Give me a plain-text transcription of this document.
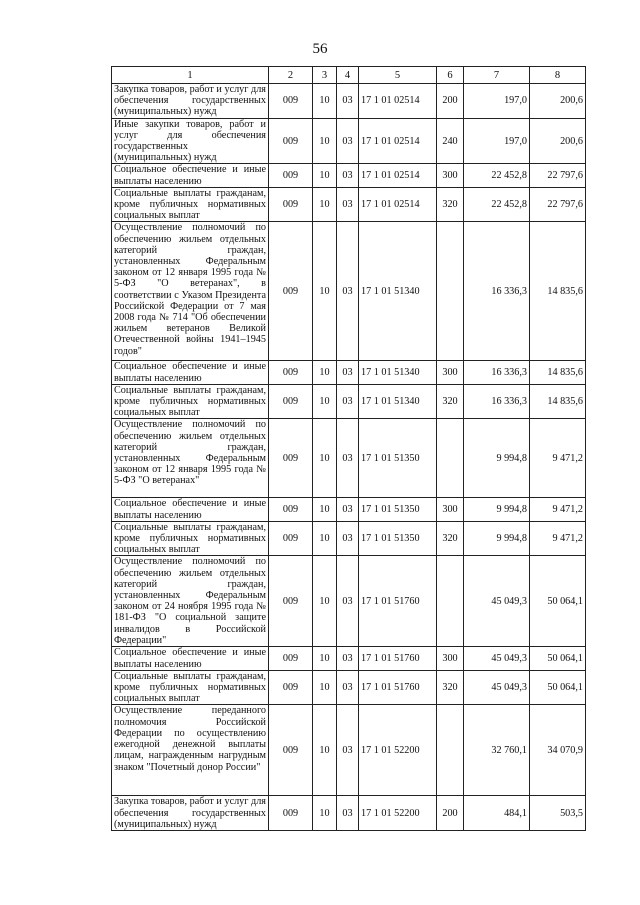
56
1	2	3	4	5	6	7	8
Закупка товаров, работ и услуг для обеспечения государственных (муниципальных) нужд	009	10	03	17 1 01 02514	200	197,0	200,6
Иные закупки товаров, работ и услуг для обеспечения государственных (муниципальных) нужд	009	10	03	17 1 01 02514	240	197,0	200,6
Социальное обеспечение и иные выплаты населению	009	10	03	17 1 01 02514	300	22 452,8	22 797,6
Социальные выплаты гражданам, кроме публичных нормативных социальных выплат	009	10	03	17 1 01 02514	320	22 452,8	22 797,6
Осуществление полномочий по обеспечению жильем отдельных категорий граждан, установленных Федеральным законом от 12 января 1995 года № 5-ФЗ "О ветеранах", в соответствии с Указом Президента Российской Федерации от 7 мая 2008 года № 714 "Об обеспечении жильем ветеранов Великой Отечественной войны 1941–1945 годов"	009	10	03	17 1 01 51340		16 336,3	14 835,6
Социальное обеспечение и иные выплаты населению	009	10	03	17 1 01 51340	300	16 336,3	14 835,6
Социальные выплаты гражданам, кроме публичных нормативных социальных выплат	009	10	03	17 1 01 51340	320	16 336,3	14 835,6
Осуществление полномочий по обеспечению жильем отдельных категорий граждан, установленных Федеральным законом от 12 января 1995 года № 5-ФЗ "О ветеранах"	009	10	03	17 1 01 51350		9 994,8	9 471,2
Социальное обеспечение и иные выплаты населению	009	10	03	17 1 01 51350	300	9 994,8	9 471,2
Социальные выплаты гражданам, кроме публичных нормативных социальных выплат	009	10	03	17 1 01 51350	320	9 994,8	9 471,2
Осуществление полномочий по обеспечению жильем отдельных категорий граждан, установленных Федеральным законом от 24 ноября 1995 года № 181-ФЗ "О социальной защите инвалидов в Российской Федерации"	009	10	03	17 1 01 51760		45 049,3	50 064,1
Социальное обеспечение и иные выплаты населению	009	10	03	17 1 01 51760	300	45 049,3	50 064,1
Социальные выплаты гражданам, кроме публичных нормативных социальных выплат	009	10	03	17 1 01 51760	320	45 049,3	50 064,1
Осуществление переданного полномочия Российской Федерации по осуществлению ежегодной денежной выплаты лицам, награжденным нагрудным знаком "Почетный донор России"	009	10	03	17 1 01 52200		32 760,1	34 070,9
Закупка товаров, работ и услуг для обеспечения государственных (муниципальных) нужд	009	10	03	17 1 01 52200	200	484,1	503,5
